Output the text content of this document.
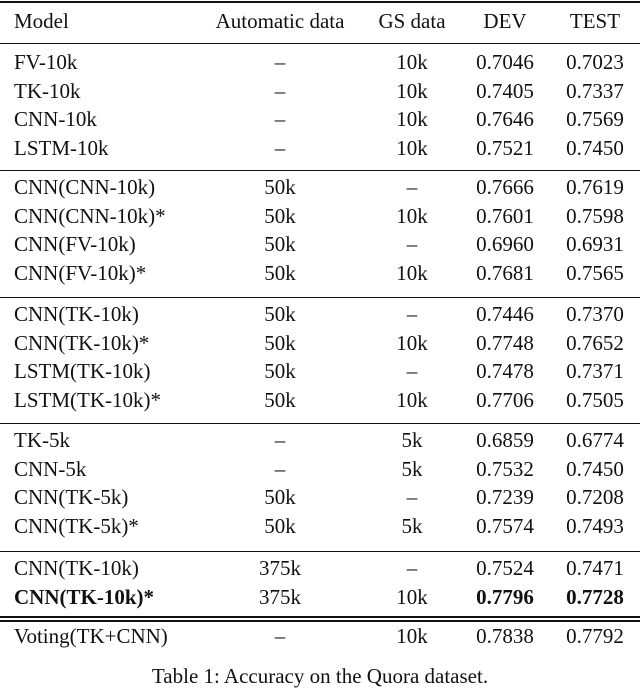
Model	Automatic data	GS data	DEV	TEST
FV-10k	–	10k	0.7046	0.7023
TK-10k	–	10k	0.7405	0.7337
CNN-10k	–	10k	0.7646	0.7569
LSTM-10k	–	10k	0.7521	0.7450
CNN(CNN-10k)	50k	–	0.7666	0.7619
CNN(CNN-10k)*	50k	10k	0.7601	0.7598
CNN(FV-10k)	50k	–	0.6960	0.6931
CNN(FV-10k)*	50k	10k	0.7681	0.7565
CNN(TK-10k)	50k	–	0.7446	0.7370
CNN(TK-10k)*	50k	10k	0.7748	0.7652
LSTM(TK-10k)	50k	–	0.7478	0.7371
LSTM(TK-10k)*	50k	10k	0.7706	0.7505
TK-5k	–	5k	0.6859	0.6774
CNN-5k	–	5k	0.7532	0.7450
CNN(TK-5k)	50k	–	0.7239	0.7208
CNN(TK-5k)*	50k	5k	0.7574	0.7493
CNN(TK-10k)	375k	–	0.7524	0.7471
CNN(TK-10k)*	375k	10k	0.7796	0.7728
Voting(TK+CNN)	–	10k	0.7838	0.7792
Table 1: Accuracy on the Quora dataset.
